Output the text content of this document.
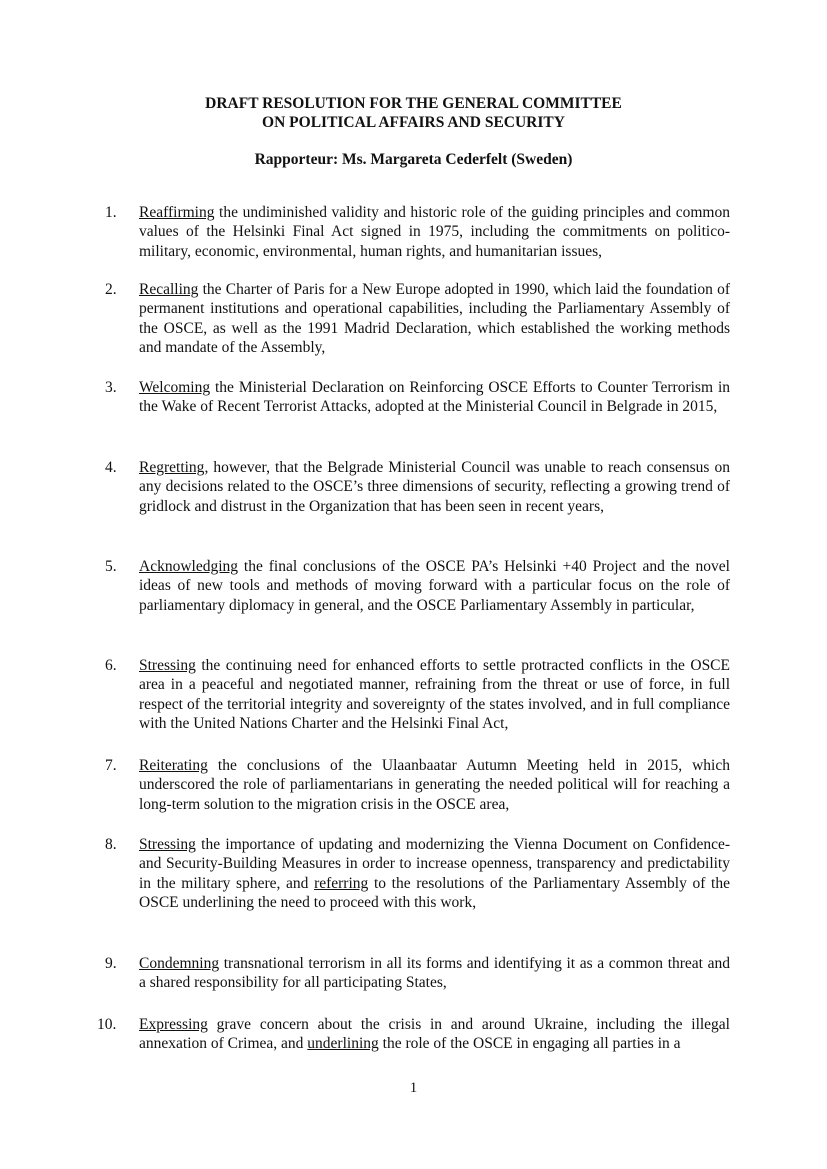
DRAFT RESOLUTION FOR THE GENERAL COMMITTEE
ON POLITICAL AFFAIRS AND SECURITY
Rapporteur: Ms. Margareta Cederfelt (Sweden)
1.	Reaffirming the undiminished validity and historic role of the guiding principles and common values of the Helsinki Final Act signed in 1975, including the commitments on politico-military, economic, environmental, human rights, and humanitarian issues,
2.	Recalling the Charter of Paris for a New Europe adopted in 1990, which laid the foundation of permanent institutions and operational capabilities, including the Parliamentary Assembly of the OSCE, as well as the 1991 Madrid Declaration, which established the working methods and mandate of the Assembly,
3.	Welcoming the Ministerial Declaration on Reinforcing OSCE Efforts to Counter Terrorism in the Wake of Recent Terrorist Attacks, adopted at the Ministerial Council in Belgrade in 2015,
4.	Regretting, however, that the Belgrade Ministerial Council was unable to reach consensus on any decisions related to the OSCE’s three dimensions of security, reflecting a growing trend of gridlock and distrust in the Organization that has been seen in recent years,
5.	Acknowledging the final conclusions of the OSCE PA’s Helsinki +40 Project and the novel ideas of new tools and methods of moving forward with a particular focus on the role of parliamentary diplomacy in general, and the OSCE Parliamentary Assembly in particular,
6.	Stressing the continuing need for enhanced efforts to settle protracted conflicts in the OSCE area in a peaceful and negotiated manner, refraining from the threat or use of force, in full respect of the territorial integrity and sovereignty of the states involved, and in full compliance with the United Nations Charter and the Helsinki Final Act,
7.	Reiterating the conclusions of the Ulaanbaatar Autumn Meeting held in 2015, which underscored the role of parliamentarians in generating the needed political will for reaching a long-term solution to the migration crisis in the OSCE area,
8.	Stressing the importance of updating and modernizing the Vienna Document on Confidence- and Security-Building Measures in order to increase openness, transparency and predictability in the military sphere, and referring to the resolutions of the Parliamentary Assembly of the OSCE underlining the need to proceed with this work,
9.	Condemning transnational terrorism in all its forms and identifying it as a common threat and a shared responsibility for all participating States,
10.	Expressing grave concern about the crisis in and around Ukraine, including the illegal annexation of Crimea, and underlining the role of the OSCE in engaging all parties in a
1
